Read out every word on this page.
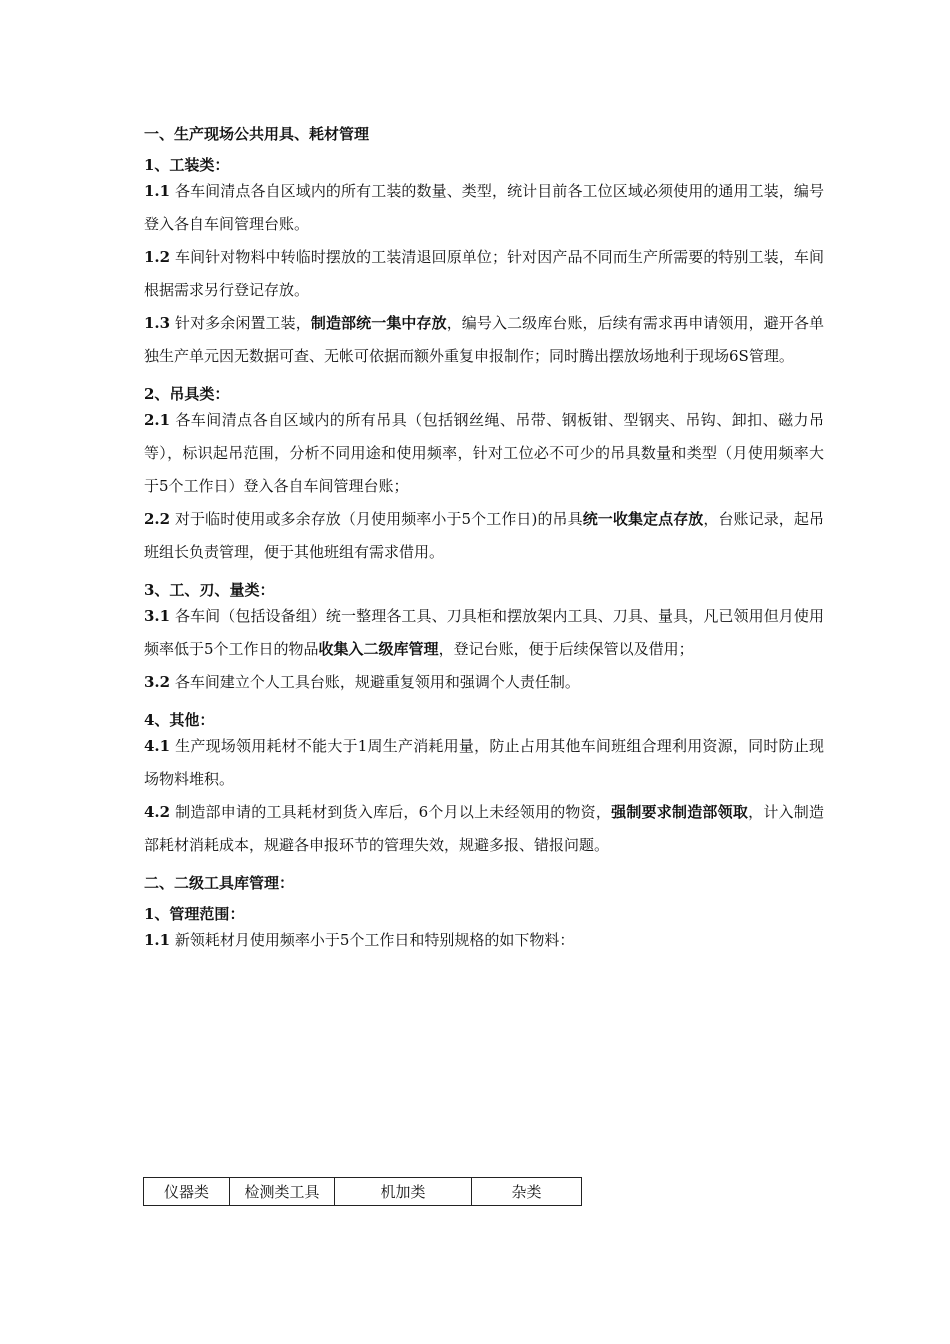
一、生产现场公共用具、耗材管理

1、工装类：

1.1 各车间清点各自区域内的所有工装的数量、类型，统计目前各工位区域必须使用的通用工装，编号登入各自车间管理台账。

1.2 车间针对物料中转临时摆放的工装清退回原单位；针对因产品不同而生产所需要的特别工装，车间根据需求另行登记存放。

1.3 针对多余闲置工装，制造部统一集中存放，编号入二级库台账，后续有需求再申请领用，避开各单独生产单元因无数据可查、无帐可依据而额外重复申报制作；同时腾出摆放场地利于现场6S管理。

2、吊具类：

2.1 各车间清点各自区域内的所有吊具（包括钢丝绳、吊带、钢板钳、型钢夹、吊钩、卸扣、磁力吊等），标识起吊范围，分析不同用途和使用频率，针对工位必不可少的吊具数量和类型（月使用频率大于5个工作日）登入各自车间管理台账；

2.2 对于临时使用或多余存放（月使用频率小于5个工作日)的吊具统一收集定点存放，台账记录，起吊班组长负责管理，便于其他班组有需求借用。

3、工、刃、量类：

3.1 各车间（包括设备组）统一整理各工具、刀具柜和摆放架内工具、刀具、量具，凡已领用但月使用频率低于5个工作日的物品收集入二级库管理，登记台账，便于后续保管以及借用；

3.2 各车间建立个人工具台账，规避重复领用和强调个人责任制。

4、其他：

4.1 生产现场领用耗材不能大于1周生产消耗用量，防止占用其他车间班组合理利用资源，同时防止现场物料堆积。

4.2 制造部申请的工具耗材到货入库后，6个月以上未经领用的物资，强制要求制造部领取，计入制造部耗材消耗成本，规避各申报环节的管理失效，规避多报、错报问题。

二、二级工具库管理：

1、管理范围：

1.1 新领耗材月使用频率小于5个工作日和特别规格的如下物料：

仪器类	检测类工具	机加类	杂类
